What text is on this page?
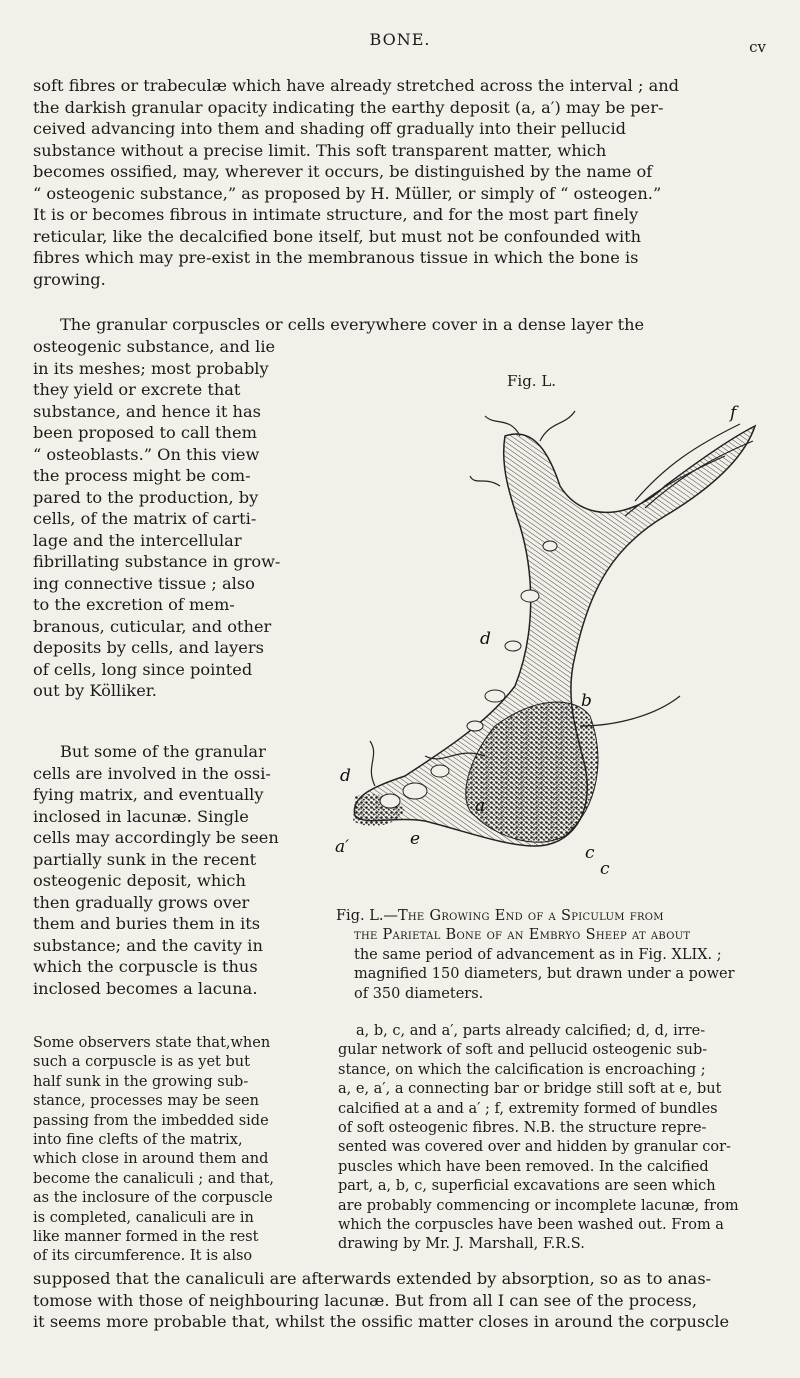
BONE.	cv
soft fibres or trabeculæ which have already stretched across the interval ; and
the darkish granular opacity indicating the earthy deposit (a, a′) may be per-
ceived advancing into them and shading off gradually into their pellucid
substance without a precise limit. This soft transparent matter, which
becomes ossified, may, wherever it occurs, be distinguished by the name of
“ osteogenic substance,” as proposed by H. Müller, or simply of “ osteogen.”
It is or becomes fibrous in intimate structure, and for the most part finely
reticular, like the decalcified bone itself, but must not be confounded with
fibres which may pre-exist in the membranous tissue in which the bone is
growing.
The granular corpuscles or cells everywhere cover in a dense layer the
osteogenic substance, and lie
in its meshes; most probably
they yield or excrete that
substance, and hence it has
been proposed to call them
“ osteoblasts.” On this view
the process might be com-
pared to the production, by
cells, of the matrix of carti-
lage and the intercellular
fibrillating substance in grow-
ing connective tissue ; also
to the excretion of mem-
branous, cuticular, and other
deposits by cells, and layers
of cells, long since pointed
out by Kölliker.
But some of the granular
cells are involved in the ossi-
fying matrix, and eventually
inclosed in lacunæ. Single
cells may accordingly be seen
partially sunk in the recent
osteogenic deposit, which
then gradually grows over
them and buries them in its
substance; and the cavity in
which the corpuscle is thus
inclosed becomes a lacuna.
Some observers state that,when
such a corpuscle is as yet but
half sunk in the growing sub-
stance, processes may be seen
passing from the imbedded side
into fine clefts of the matrix,
which close in around them and
become the canaliculi ; and that,
as the inclosure of the corpuscle
is completed, canaliculi are in
like manner formed in the rest
of its circumference. It is also
supposed that the canaliculi are afterwards extended by absorption, so as to anas-
tomose with those of neighbouring lacunæ. But from all I can see of the process,
it seems more probable that, whilst the ossific matter closes in around the corpuscle
Fig. L.
f
d
b
d
a
a′	e
c
c
Fig. L.—The Growing End of a Spiculum from
the Parietal Bone of an Embryo Sheep at about
the same period of advancement as in Fig. XLIX. ;
magnified 150 diameters, but drawn under a power
of 350 diameters.
a, b, c, and a′, parts already calcified; d, d, irre-
gular network of soft and pellucid osteogenic sub-
stance, on which the calcification is encroaching ;
a, e, a′, a connecting bar or bridge still soft at e, but
calcified at a and a′ ; f, extremity formed of bundles
of soft osteogenic fibres. N.B. the structure repre-
sented was covered over and hidden by granular cor-
puscles which have been removed. In the calcified
part, a, b, c, superficial excavations are seen which
are probably commencing or incomplete lacunæ, from
which the corpuscles have been washed out. From a
drawing by Mr. J. Marshall, F.R.S.
